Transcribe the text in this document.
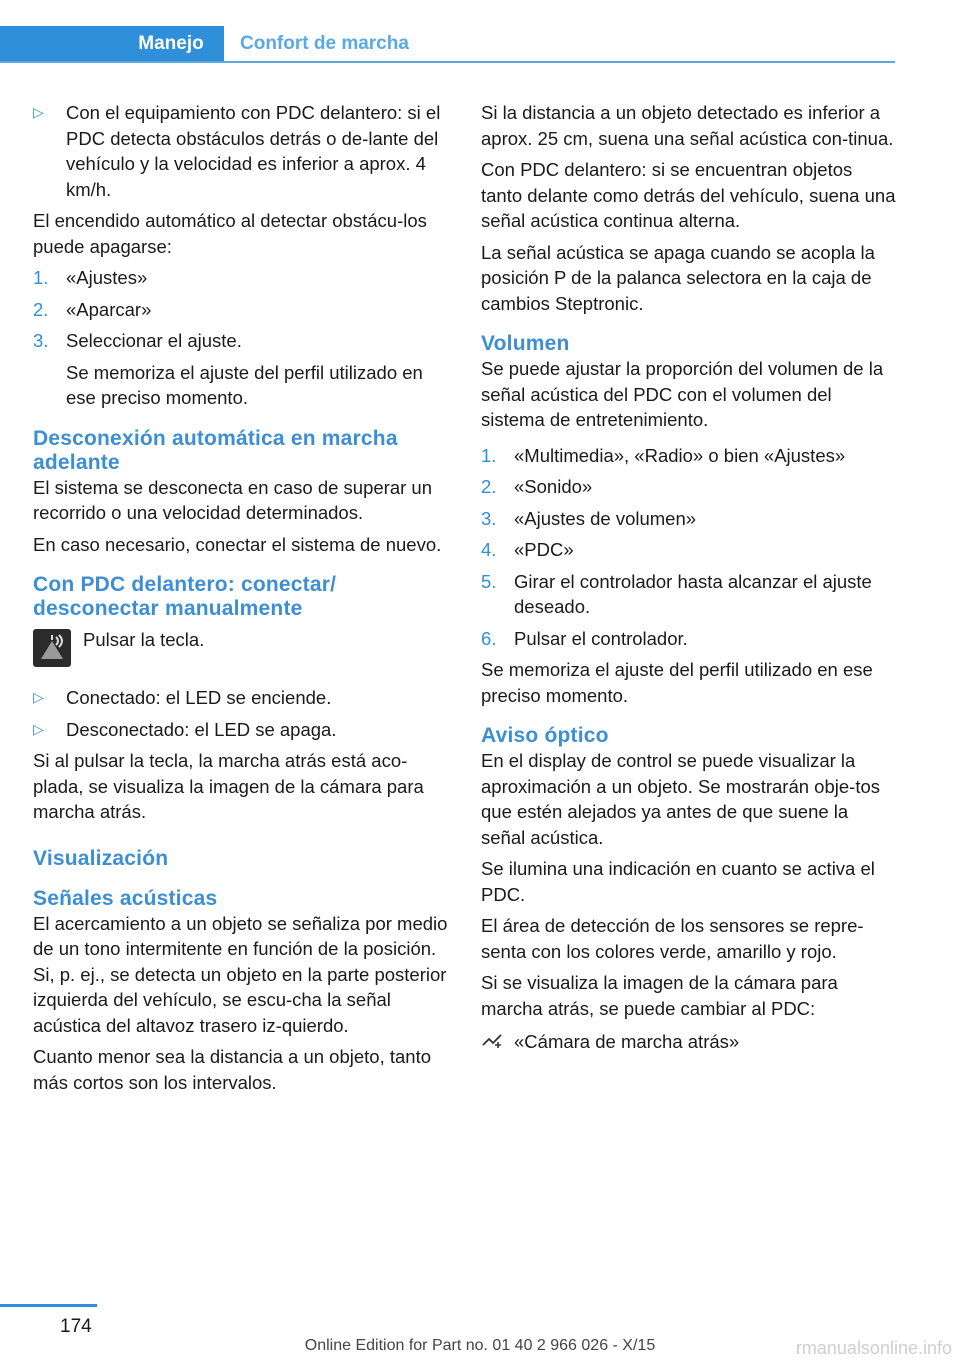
Manejo	Confort de marcha
▷ Con el equipamiento con PDC delantero: si el PDC detecta obstáculos detrás o de-lante del vehículo y la velocidad es inferior a aprox. 4 km/h.

El encendido automático al detectar obstácu-los puede apagarse:

1. «Ajustes»
2. «Aparcar»
3. Seleccionar el ajuste.

Se memoriza el ajuste del perfil utilizado en ese preciso momento.

Desconexión automática en marcha adelante

El sistema se desconecta en caso de superar un recorrido o una velocidad determinados.

En caso necesario, conectar el sistema de nuevo.

Con PDC delantero: conectar/ desconectar manualmente
Pulsar la tecla.
▷ Conectado: el LED se enciende.
▷ Desconectado: el LED se apaga.

Si al pulsar la tecla, la marcha atrás está aco-plada, se visualiza la imagen de la cámara para marcha atrás.

Visualización
Señales acústicas

El acercamiento a un objeto se señaliza por medio de un tono intermitente en función de la posición. Si, p. ej., se detecta un objeto en la parte posterior izquierda del vehículo, se escu-cha la señal acústica del altavoz trasero iz-quierdo.

Cuanto menor sea la distancia a un objeto, tanto más cortos son los intervalos.

Si la distancia a un objeto detectado es inferior a aprox. 25 cm, suena una señal acústica con-tinua.

Con PDC delantero: si se encuentran objetos tanto delante como detrás del vehículo, suena una señal acústica continua alterna.

La señal acústica se apaga cuando se acopla la posición P de la palanca selectora en la caja de cambios Steptronic.

Volumen

Se puede ajustar la proporción del volumen de la señal acústica del PDC con el volumen del sistema de entretenimiento.

1. «Multimedia», «Radio» o bien «Ajustes»
2. «Sonido»
3. «Ajustes de volumen»
4. «PDC»
5. Girar el controlador hasta alcanzar el ajuste deseado.
6. Pulsar el controlador.

Se memoriza el ajuste del perfil utilizado en ese preciso momento.

Aviso óptico

En el display de control se puede visualizar la aproximación a un objeto. Se mostrarán obje-tos que estén alejados ya antes de que suene la señal acústica.

Se ilumina una indicación en cuanto se activa el PDC.

El área de detección de los sensores se repre-senta con los colores verde, amarillo y rojo.

Si se visualiza la imagen de la cámara para marcha atrás, se puede cambiar al PDC:

«Cámara de marcha atrás»
174
Online Edition for Part no. 01 40 2 966 026 - X/15	rmanualsonline.info
